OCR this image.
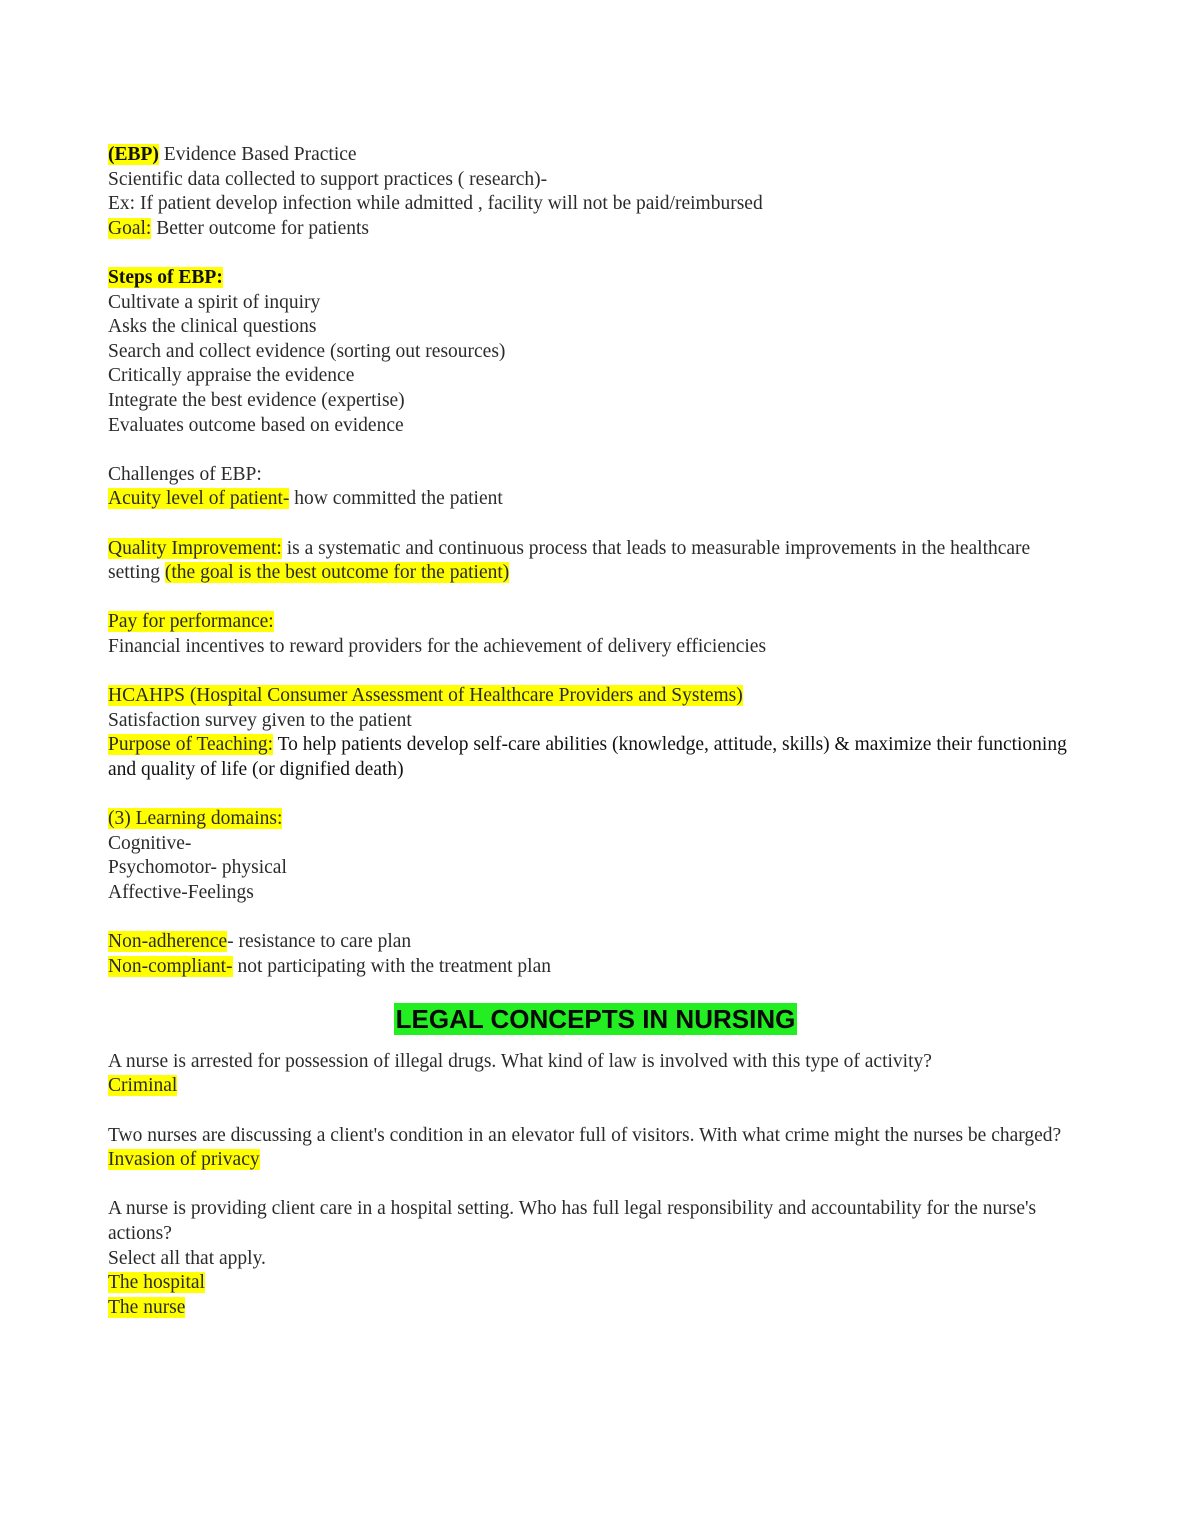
(EBP) Evidence Based Practice
Scientific data collected to support practices ( research)-
Ex: If patient develop infection while admitted , facility will not be paid/reimbursed
Goal: Better outcome for patients
Steps of EBP:
Cultivate a spirit of inquiry
Asks the clinical questions
Search and collect evidence (sorting out resources)
Critically appraise the evidence
Integrate the best evidence (expertise)
Evaluates outcome based on evidence
Challenges of EBP:
Acuity level of patient- how committed the patient
Quality Improvement: is a systematic and continuous process that leads to measurable improvements in the healthcare setting (the goal is the best outcome for the patient)
Pay for performance:
Financial incentives to reward providers for the achievement of delivery efficiencies
HCAHPS (Hospital Consumer Assessment of Healthcare Providers and Systems)
Satisfaction survey given to the patient
Purpose of Teaching: To help patients develop self-care abilities (knowledge, attitude, skills) & maximize their functioning and quality of life (or dignified death)
(3) Learning domains:
Cognitive-
Psychomotor- physical
Affective-Feelings
Non-adherence- resistance to care plan
Non-compliant- not participating with the treatment plan
LEGAL CONCEPTS IN NURSING
A nurse is arrested for possession of illegal drugs. What kind of law is involved with this type of activity?
Criminal
Two nurses are discussing a client's condition in an elevator full of visitors. With what crime might the nurses be charged?
Invasion of privacy
A nurse is providing client care in a hospital setting. Who has full legal responsibility and accountability for the nurse's actions?
Select all that apply.
The hospital
The nurse
